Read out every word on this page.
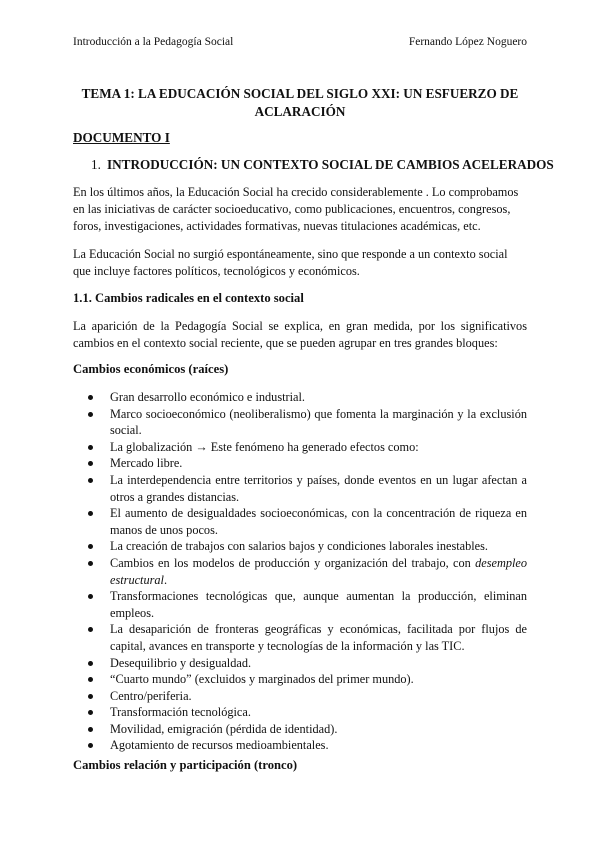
Introducción a la Pedagogía Social	Fernando López Noguero
TEMA 1: LA EDUCACIÓN SOCIAL DEL SIGLO XXI: UN ESFUERZO DE ACLARACIÓN
DOCUMENTO I
1. INTRODUCCIÓN: UN CONTEXTO SOCIAL DE CAMBIOS ACELERADOS
En los últimos años, la Educación Social ha crecido considerablemente . Lo comprobamos en las iniciativas de carácter socioeducativo, como publicaciones, encuentros, congresos, foros, investigaciones, actividades formativas, nuevas titulaciones académicas, etc.
La Educación Social no surgió espontáneamente, sino que responde a un contexto social que incluye factores políticos, tecnológicos y económicos.
1.1. Cambios radicales en el contexto social
La aparición de la Pedagogía Social se explica, en gran medida, por los significativos cambios en el contexto social reciente, que se pueden agrupar en tres grandes bloques:
Cambios económicos (raíces)
Gran desarrollo económico e industrial.
Marco socioeconómico (neoliberalismo) que fomenta la marginación y la exclusión social.
La globalización → Este fenómeno ha generado efectos como:
Mercado libre.
La interdependencia entre territorios y países, donde eventos en un lugar afectan a otros a grandes distancias.
El aumento de desigualdades socioeconómicas, con la concentración de riqueza en manos de unos pocos.
La creación de trabajos con salarios bajos y condiciones laborales inestables.
Cambios en los modelos de producción y organización del trabajo, con desempleo estructural.
Transformaciones tecnológicas que, aunque aumentan la producción, eliminan empleos.
La desaparición de fronteras geográficas y económicas, facilitada por flujos de capital, avances en transporte y tecnologías de la información y las TIC.
Desequilibrio y desigualdad.
“Cuarto mundo” (excluidos y marginados del primer mundo).
Centro/periferia.
Transformación tecnológica.
Movilidad, emigración (pérdida de identidad).
Agotamiento de recursos medioambientales.
Cambios relación y participación (tronco)
